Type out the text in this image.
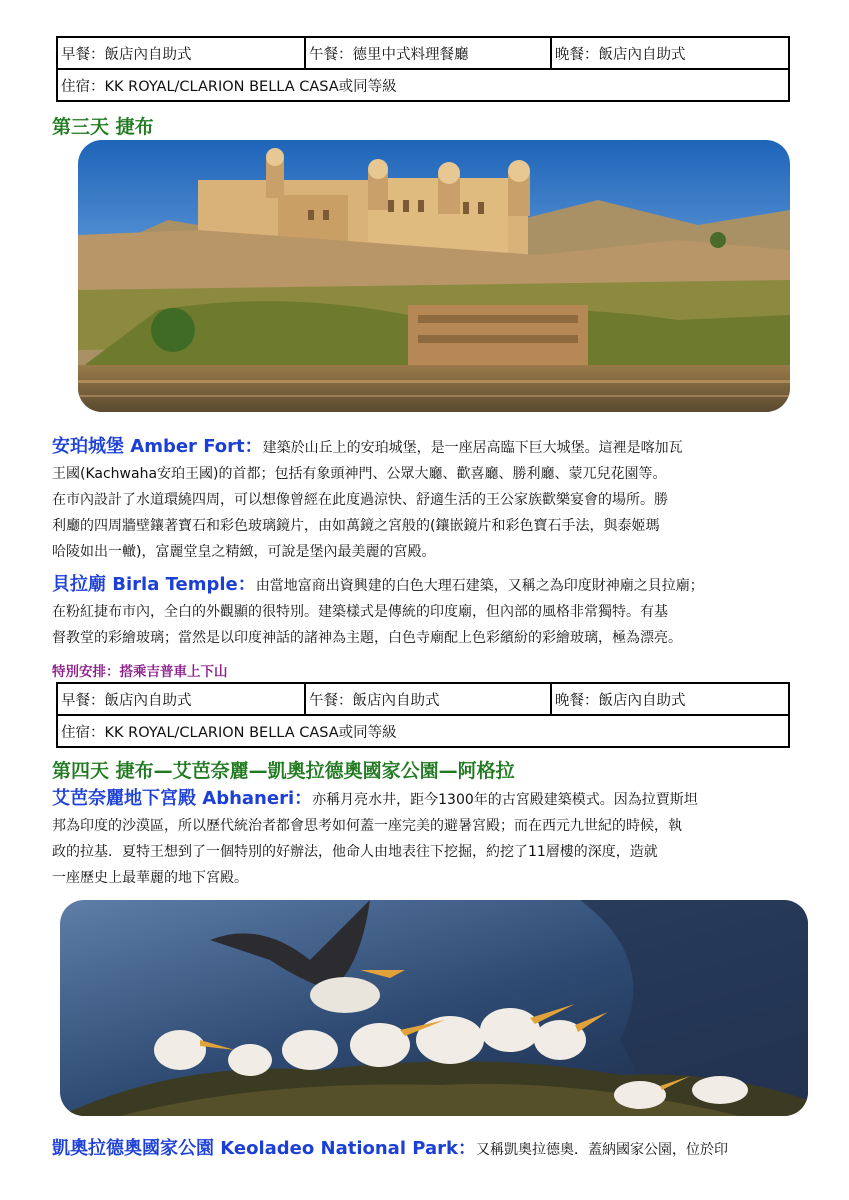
早餐：飯店內自助式	午餐：德里中式料理餐廳	晚餐：飯店內自助式
住宿：KK ROYAL/CLARION BELLA CASA或同等級
第三天 捷布
安珀城堡 Amber Fort：建築於山丘上的安珀城堡，是一座居高臨下巨大城堡。這裡是喀加瓦
王國(Kachwaha安珀王國)的首都；包括有象頭神門、公眾大廳、歡喜廳、勝利廳、蒙兀兒花園等。
在市內設計了水道環繞四周，可以想像曾經在此度過涼快、舒適生活的王公家族歡樂宴會的場所。勝
利廳的四周牆壁鑲著寶石和彩色玻璃鏡片，由如萬鏡之宮般的(鑲嵌鏡片和彩色寶石手法，與泰姬瑪
哈陵如出一轍)，富麗堂皇之精緻，可說是堡內最美麗的宮殿。
貝拉廟 Birla Temple：由當地富商出資興建的白色大理石建築，又稱之為印度財神廟之貝拉廟；
在粉紅捷布市內，全白的外觀顯的很特別。建築樣式是傳統的印度廟，但內部的風格非常獨特。有基
督教堂的彩繪玻璃；當然是以印度神話的諸神為主題，白色寺廟配上色彩繽紛的彩繪玻璃，極為漂亮。
特別安排：搭乘吉普車上下山
早餐：飯店內自助式	午餐：飯店內自助式	晚餐：飯店內自助式
住宿：KK ROYAL/CLARION BELLA CASA或同等級
第四天 捷布—艾芭奈麗—凱奧拉德奧國家公園—阿格拉
艾芭奈麗地下宮殿 Abhaneri：亦稱月亮水井，距今1300年的古宮殿建築模式。因為拉賈斯坦
邦為印度的沙漠區，所以歷代統治者都會思考如何蓋一座完美的避暑宮殿；而在西元九世紀的時候，執
政的拉基．夏特王想到了一個特別的好辦法，他命人由地表往下挖掘，約挖了11層樓的深度，造就
一座歷史上最華麗的地下宮殿。
凱奧拉德奧國家公園 Keoladeo National Park：又稱凱奧拉德奧．蓋納國家公園，位於印
